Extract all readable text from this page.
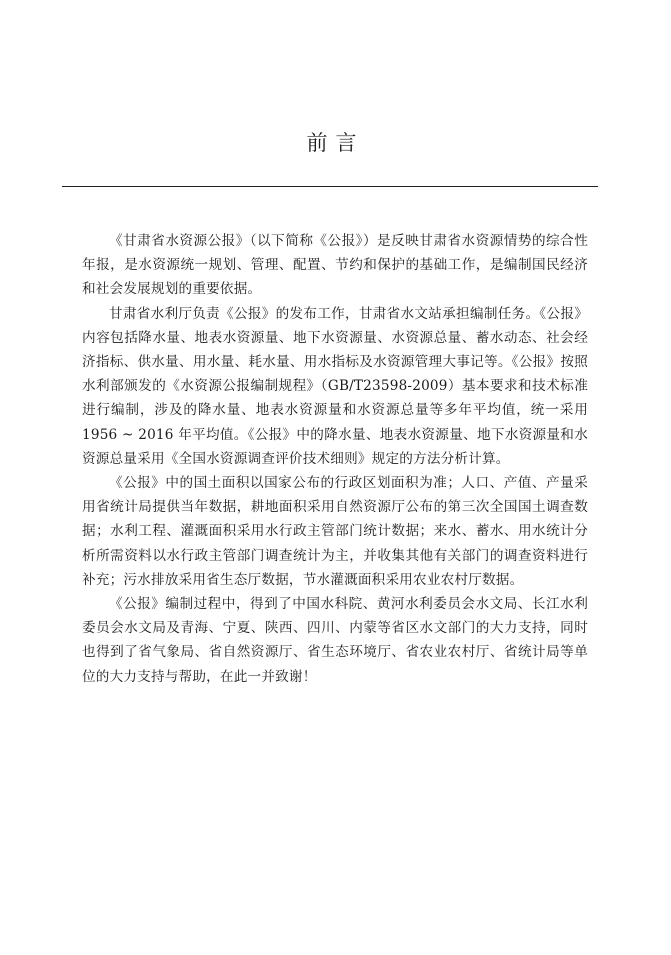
前言

《甘肃省水资源公报》（以下简称《公报》）是反映甘肃省水资源情势的综合性年报，是水资源统一规划、管理、配置、节约和保护的基础工作，是编制国民经济和社会发展规划的重要依据。

甘肃省水利厅负责《公报》的发布工作，甘肃省水文站承担编制任务。《公报》内容包括降水量、地表水资源量、地下水资源量、水资源总量、蓄水动态、社会经济指标、供水量、用水量、耗水量、用水指标及水资源管理大事记等。《公报》按照水利部颁发的《水资源公报编制规程》（GB/T23598-2009）基本要求和技术标准进行编制，涉及的降水量、地表水资源量和水资源总量等多年平均值，统一采用 1956 ~ 2016 年平均值。《公报》中的降水量、地表水资源量、地下水资源量和水资源总量采用《全国水资源调查评价技术细则》规定的方法分析计算。

《公报》中的国土面积以国家公布的行政区划面积为准；人口、产值、产量采用省统计局提供当年数据，耕地面积采用自然资源厅公布的第三次全国国土调查数据；水利工程、灌溉面积采用水行政主管部门统计数据；来水、蓄水、用水统计分析所需资料以水行政主管部门调查统计为主，并收集其他有关部门的调查资料进行补充；污水排放采用省生态厅数据，节水灌溉面积采用农业农村厅数据。

《公报》编制过程中，得到了中国水科院、黄河水利委员会水文局、长江水利委员会水文局及青海、宁夏、陕西、四川、内蒙等省区水文部门的大力支持，同时也得到了省气象局、省自然资源厅、省生态环境厅、省农业农村厅、省统计局等单位的大力支持与帮助，在此一并致谢！
